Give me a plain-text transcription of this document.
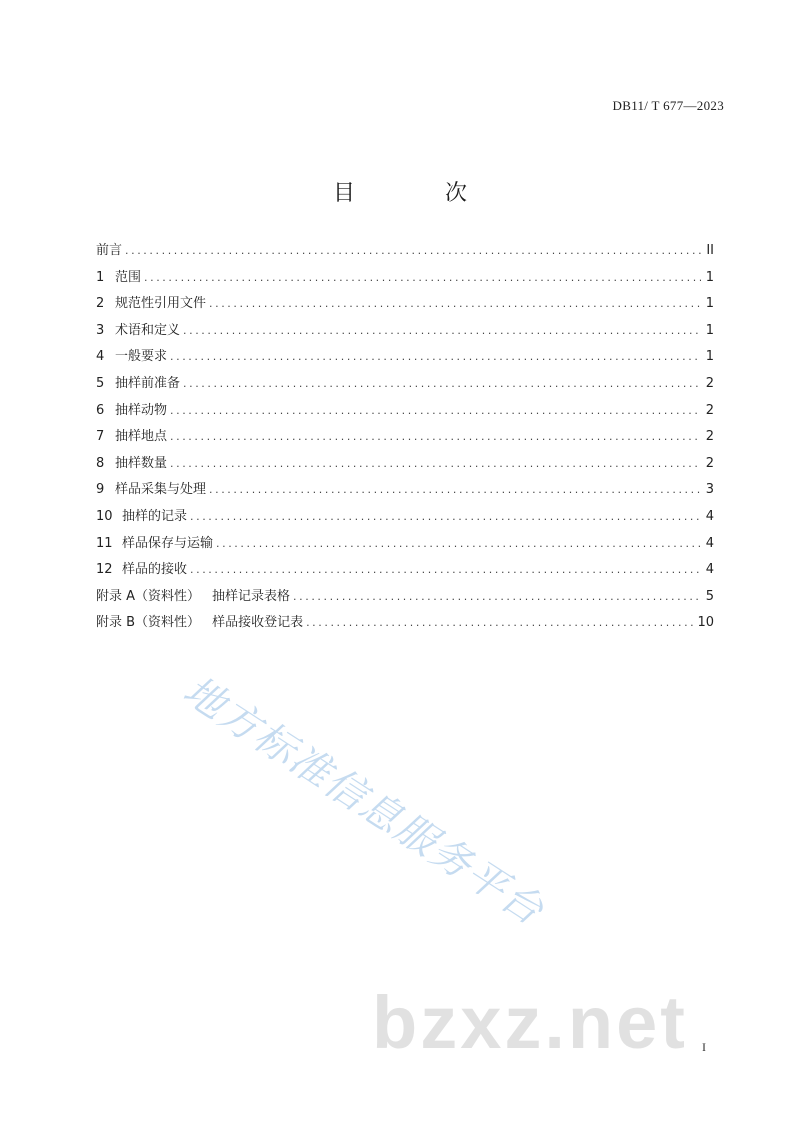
DB11/ T 677—2023
目　次
前言 .....	II
1 范围 .....	1
2 规范性引用文件 .....	1
3 术语和定义 .....	1
4 一般要求 .....	1
5 抽样前准备 .....	2
6 抽样动物 .....	2
7 抽样地点 .....	2
8 抽样数量 .....	2
9 样品采集与处理 .....	3
10 抽样的记录 .....	4
11 样品保存与运输 .....	4
12 样品的接收 .....	4
附录 A（资料性） 抽样记录表格 .....	5
附录 B（资料性） 样品接收登记表 .....	10
地方标准信息服务平台
bzxz.net I
